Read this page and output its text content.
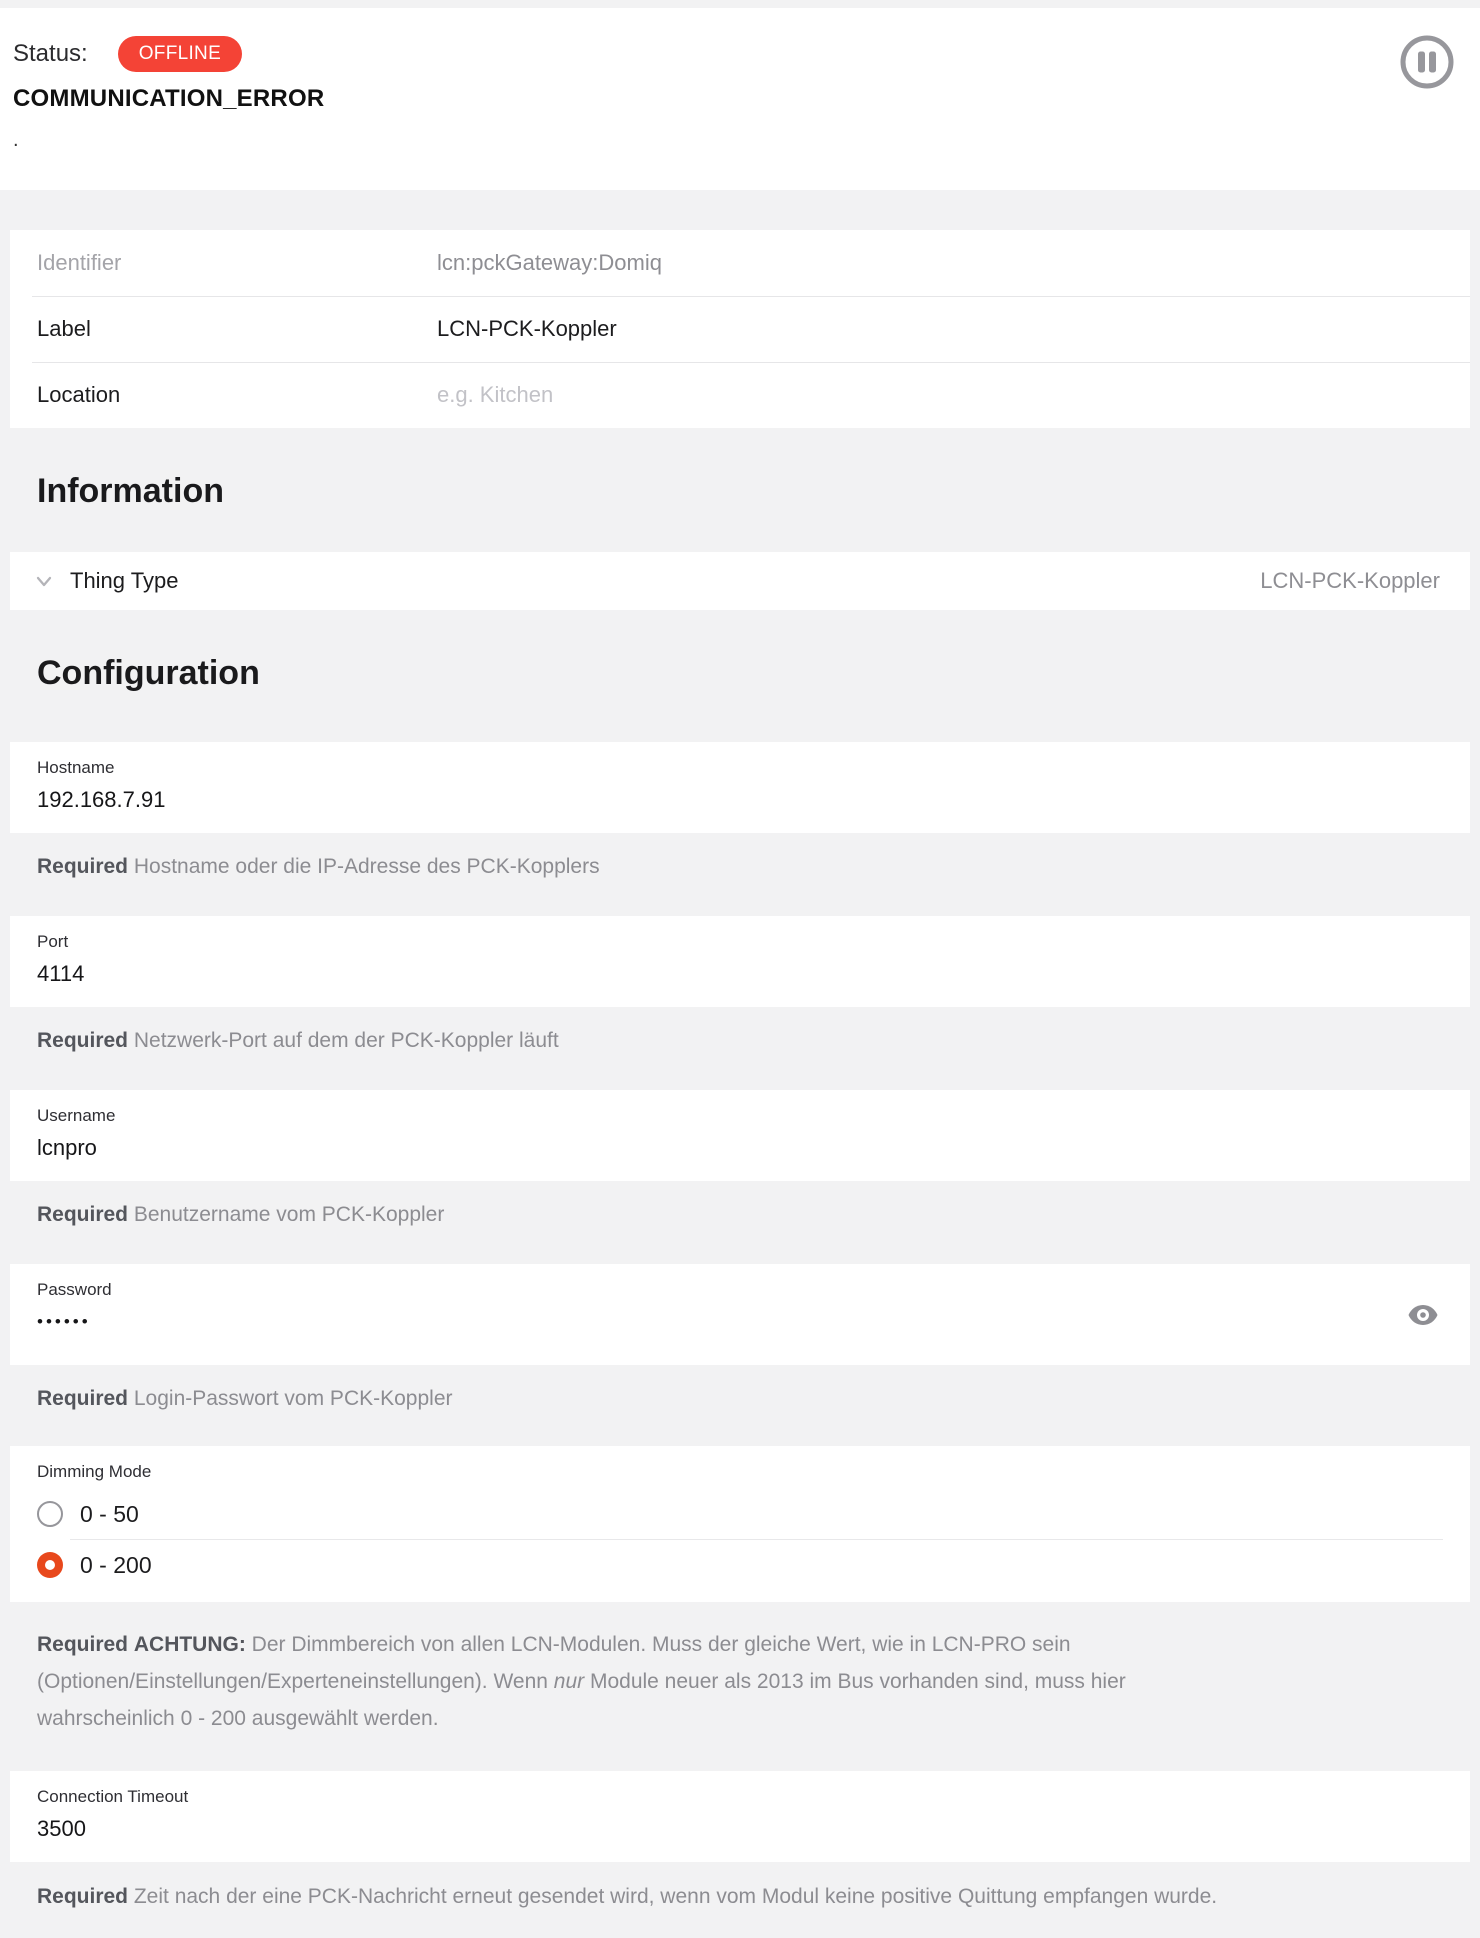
Status:	OFFLINE
COMMUNICATION_ERROR
.
Identifier	lcn:pckGateway:Domiq
Label	LCN-PCK-Koppler
Location	e.g. Kitchen
Information
Thing Type	LCN-PCK-Koppler
Configuration
Hostname
192.168.7.91
Required Hostname oder die IP-Adresse des PCK-Kopplers
Port
4114
Required Netzwerk-Port auf dem der PCK-Koppler läuft
Username
lcnpro
Required Benutzername vom PCK-Koppler
Password
••••••
Required Login-Passwort vom PCK-Koppler
Dimming Mode
0 - 50
0 - 200
Required ACHTUNG: Der Dimmbereich von allen LCN-Modulen. Muss der gleiche Wert, wie in LCN-PRO sein (Optionen/Einstellungen/Experteneinstellungen). Wenn nur Module neuer als 2013 im Bus vorhanden sind, muss hier wahrscheinlich 0 - 200 ausgewählt werden.
Connection Timeout
3500
Required Zeit nach der eine PCK-Nachricht erneut gesendet wird, wenn vom Modul keine positive Quittung empfangen wurde.
